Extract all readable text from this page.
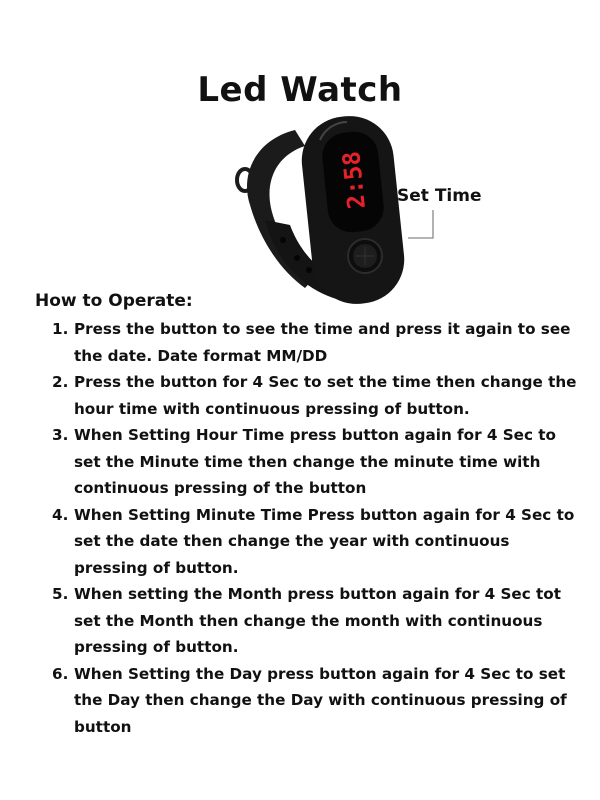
Led Watch
2:58 Set Time
How to Operate:
1. Press the button to see the time and press it again to see the date. Date format MM/DD
2. Press the button for 4 Sec to set the time then change the hour time with continuous pressing of button.
3. When Setting Hour Time press button again for 4 Sec to set the Minute time then change the minute time with continuous pressing of the button
4. When Setting Minute Time Press button again for 4 Sec to set the date then change the year with continuous pressing of button.
5. When setting the Month press button again for 4 Sec tot set the Month then change the month with continuous pressing of button.
6. When Setting the Day press button again for 4 Sec to set the Day then change the Day with continuous pressing of button
